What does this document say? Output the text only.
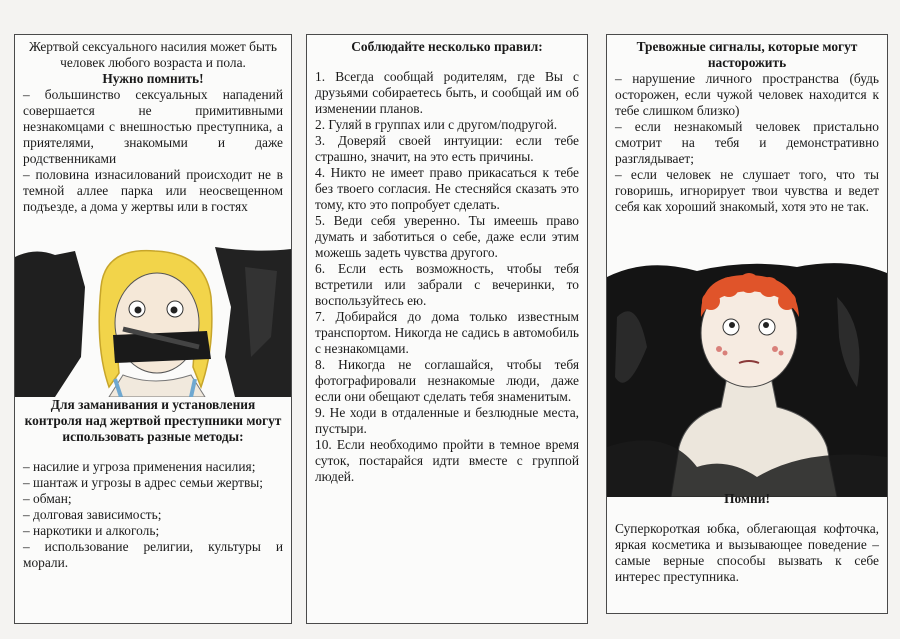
Жертвой сексуального насилия может быть человек любого возраста и пола.

Нужно помнить!

– большинство сексуальных нападений совершается не примитивными незнакомцами с внешностью преступника, а приятелями, знакомыми и даже родственниками

– половина изнасилований происходит не в темной аллее парка или неосвещенном подъезде, а дома у жертвы или в гостях

Для заманивания и установления контроля над жертвой преступники могут использовать разные методы:

– насилие и угроза применения насилия;

– шантаж и угрозы в адрес семьи жертвы;

– обман;

– долговая зависимость;

– наркотики и алкоголь;

– использование религии, культуры и морали.

Соблюдайте несколько правил:

1. Всегда сообщай родителям, где Вы с друзьями собираетесь быть, и сообщай им об изменении планов.

2. Гуляй в группах или с другом/подругой.

3. Доверяй своей интуиции: если тебе страшно, значит, на это есть причины.

4. Никто не имеет право прикасаться к тебе без твоего согласия. Не стесняйся сказать это тому, кто это попробует сделать.

5. Веди себя уверенно. Ты имеешь право думать и заботиться о себе, даже если этим можешь задеть чувства другого.

6. Если есть возможность, чтобы тебя встретили или забрали с вечеринки, то воспользуйтесь ею.

7. Добирайся до дома только известным транспортом. Никогда не садись в автомобиль с незнакомцами.

8. Никогда не соглашайся, чтобы тебя фотографировали незнакомые люди, даже если они обещают сделать тебя знаменитым.

9. Не ходи в отдаленные и безлюдные места, пустыри.

10. Если необходимо пройти в темное время суток, постарайся идти вместе с группой людей.

Тревожные сигналы, которые могут насторожить

– нарушение личного пространства (будь осторожен, если чужой человек находится к тебе слишком близко)

– если незнакомый человек пристально смотрит на тебя и демонстративно разглядывает;

– если человек не слушает того, что ты говоришь, игнорирует твои чувства и ведет себя как хороший знакомый, хотя это не так.

Помни!

Суперкороткая юбка, облегающая кофточка, яркая косметика и вызывающее поведение – самые верные способы вызвать к себе интерес преступника.
